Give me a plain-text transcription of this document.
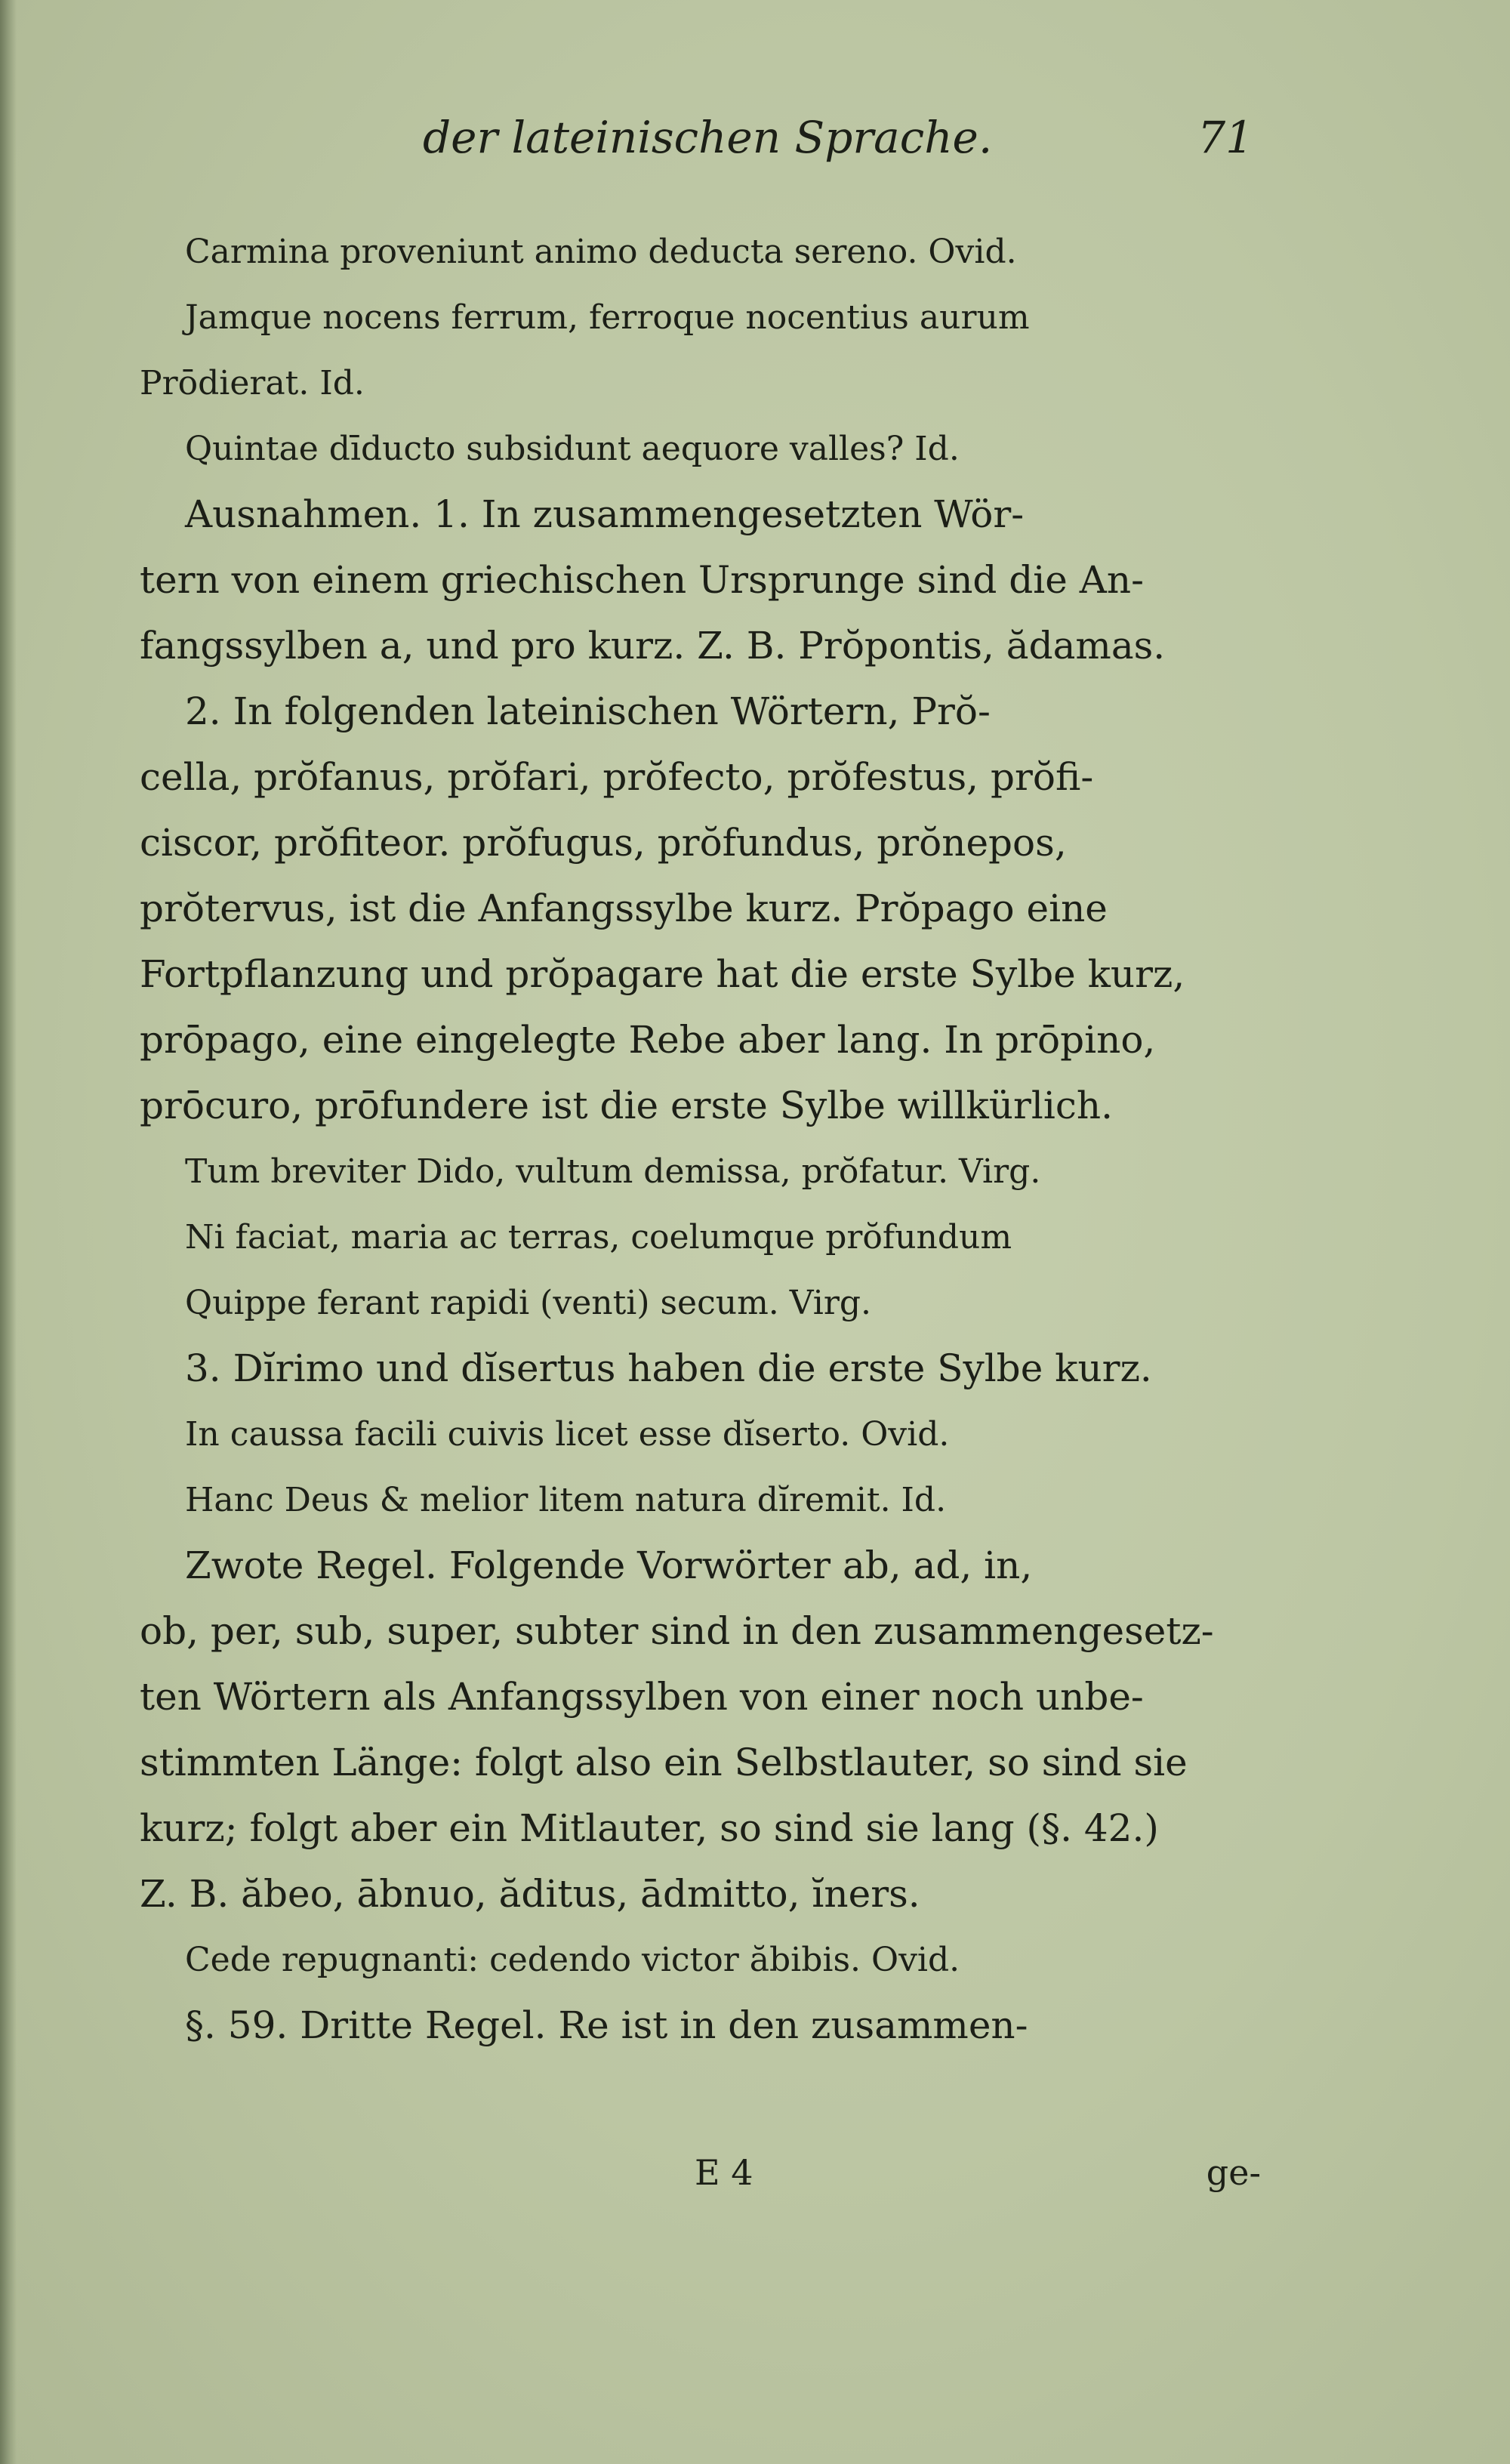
der lateinischen Sprache.	71
Carmina proveniunt animo deducta sereno. Ovid.
Jamque nocens ferrum, ferroque nocentius aurum
Prōdierat. Id.
Quintae dīducto subsidunt aequore valles? Id.
Ausnahmen. 1. In zusammengesetzten Wör-
tern von einem griechischen Ursprunge sind die An-
fangssylben a, und pro kurz. Z. B. Prŏpontis, ădamas.
2. In folgenden lateinischen Wörtern, Prŏ-
cella, prŏfanus, prŏfari, prŏfecto, prŏfestus, prŏfi-
ciscor, prŏfiteor. prŏfugus, prŏfundus, prŏnepos,
prŏtervus, ist die Anfangssylbe kurz. Prŏpago eine
Fortpflanzung und prŏpagare hat die erste Sylbe kurz,
prōpago, eine eingelegte Rebe aber lang. In prōpino,
prōcuro, prōfundere ist die erste Sylbe willkürlich.
Tum breviter Dido, vultum demissa, prŏfatur. Virg.
Ni faciat, maria ac terras, coelumque prŏfundum
Quippe ferant rapidi (venti) secum. Virg.
3. Dĭrimo und dĭsertus haben die erste Sylbe kurz.
In caussa facili cuivis licet esse dĭserto. Ovid.
Hanc Deus & melior litem natura dĭremit. Id.
Zwote Regel. Folgende Vorwörter ab, ad, in,
ob, per, sub, super, subter sind in den zusammengesetz-
ten Wörtern als Anfangssylben von einer noch unbe-
stimmten Länge: folgt also ein Selbstlauter, so sind sie
kurz; folgt aber ein Mitlauter, so sind sie lang (§. 42.)
Z. B. ăbeo, ābnuo, ăditus, ādmitto, ĭners.
Cede repugnanti: cedendo victor ăbibis. Ovid.
§. 59. Dritte Regel. Re ist in den zusammen-
E 4	ge-
